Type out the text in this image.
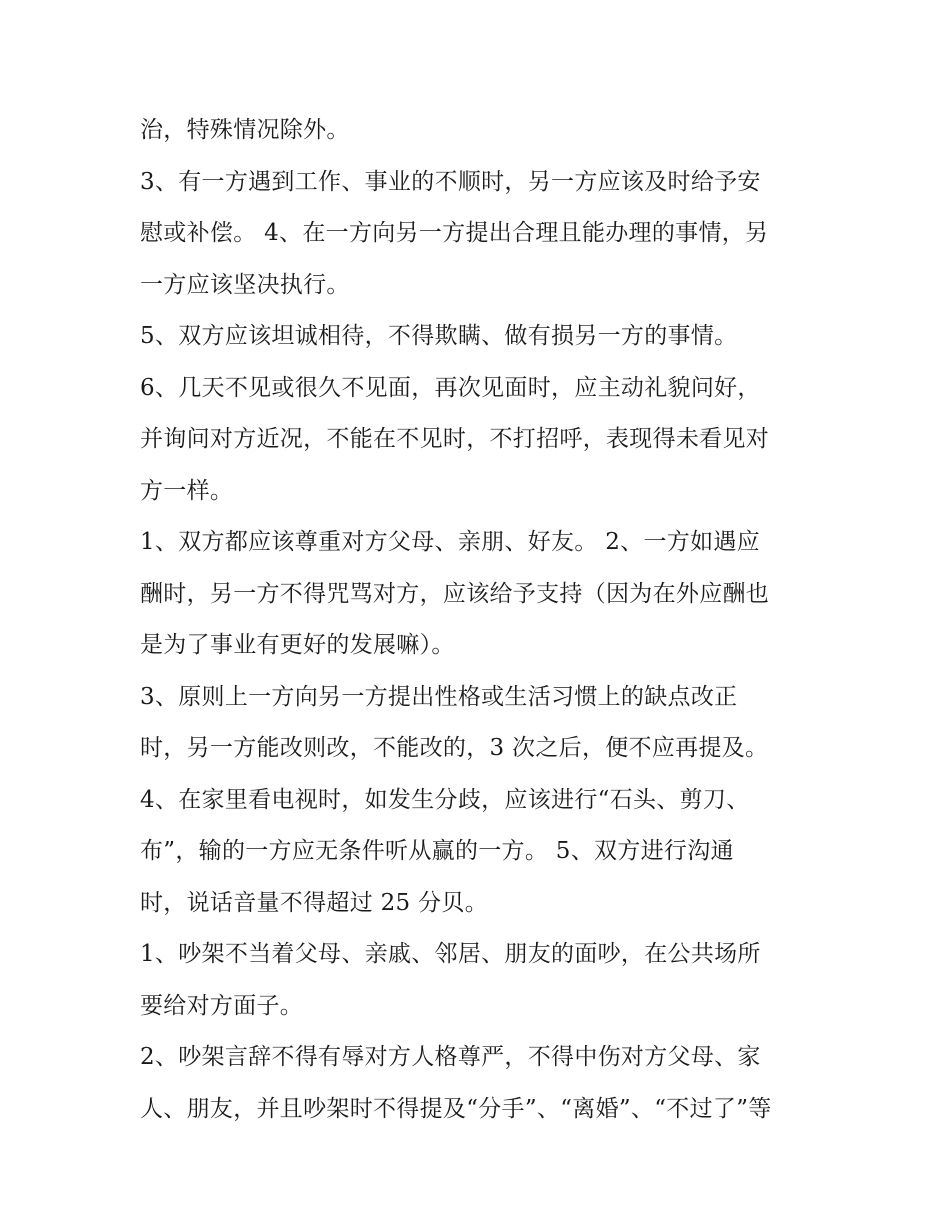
治，特殊情况除外。
3、有一方遇到工作、事业的不顺时，另一方应该及时给予安
慰或补偿。 4、在一方向另一方提出合理且能办理的事情，另
一方应该坚决执行。
5、双方应该坦诚相待，不得欺瞒、做有损另一方的事情。
6、几天不见或很久不见面，再次见面时，应主动礼貌问好，
并询问对方近况，不能在不见时，不打招呼，表现得未看见对
方一样。
1、双方都应该尊重对方父母、亲朋、好友。 2、一方如遇应
酬时，另一方不得咒骂对方，应该给予支持（因为在外应酬也
是为了事业有更好的发展嘛）。
3、原则上一方向另一方提出性格或生活习惯上的缺点改正
时，另一方能改则改，不能改的，3 次之后，便不应再提及。
4、在家里看电视时，如发生分歧，应该进行“石头、剪刀、
布”，输的一方应无条件听从赢的一方。 5、双方进行沟通
时，说话音量不得超过 25 分贝。
1、吵架不当着父母、亲戚、邻居、朋友的面吵，在公共场所
要给对方面子。
2、吵架言辞不得有辱对方人格尊严，不得中伤对方父母、家
人、朋友，并且吵架时不得提及“分手”、“离婚”、“不过了”等
